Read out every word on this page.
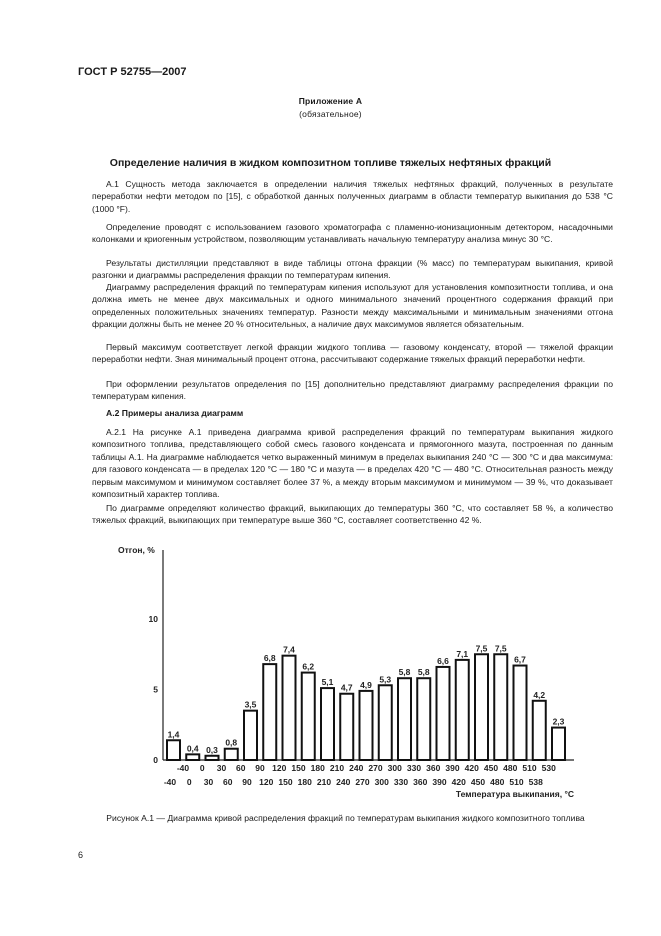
ГОСТ Р 52755—2007
Приложение А
(обязательное)
Определение наличия в жидком композитном топливе тяжелых нефтяных фракций

А.1 Сущность метода заключается в определении наличия тяжелых нефтяных фракций, полученных в результате переработки нефти методом по [15], с обработкой данных полученных диаграмм в области температур выкипания до 538 °С (1000 °F).

Определение проводят с использованием газового хроматографа с пламенно-ионизационным детектором, насадочными колонками и криогенным устройством, позволяющим устанавливать начальную температуру анализа минус 30 °С.

Результаты дистилляции представляют в виде таблицы отгона фракции (% масс) по температурам выкипания, кривой разгонки и диаграммы распределения фракции по температурам кипения.

Диаграмму распределения фракций по температурам кипения используют для установления композитности топлива, и она должна иметь не менее двух максимальных и одного минимального значений процентного содержания фракций при определенных положительных значениях температур. Разности между максимальными и минимальным значениями отгона фракции должны быть не менее 20 % относительных, а наличие двух максимумов является обязательным.

Первый максимум соответствует легкой фракции жидкого топлива — газовому конденсату, второй — тяжелой фракции переработки нефти. Зная минимальный процент отгона, рассчитывают содержание тяжелых фракций переработки нефти.

При оформлении результатов определения по [15] дополнительно представляют диаграмму распределения фракции по температурам кипения.

А.2 Примеры анализа диаграмм

А.2.1 На рисунке А.1 приведена диаграмма кривой распределения фракций по температурам выкипания жидкого композитного топлива, представляющего собой смесь газового конденсата и прямогонного мазута, построенная по данным таблицы А.1. На диаграмме наблюдается четко выраженный минимум в пределах выкипания 240 °С — 300 °С и два максимума: для газового конденсата — в пределах 120 °С — 180 °С и мазута — в пределах 420 °С — 480 °С. Относительная разность между первым максимумом и минимумом составляет более 37 %, а между вторым максимумом и минимумом — 39 %, что доказывает композитный характер топлива.

По диаграмме определяют количество фракций, выкипающих до температуры 360 °С, что составляет 58 %, а количество тяжелых фракций, выкипающих при температуре выше 360 °С, составляет соответственно 42 %.

Отгон, %
0
5
10
1,4
0,4 0,3
0,8
3,5
6,8
7,4
6,2
5,1
4,7 4,9
5,3
5,8 5,8
6,6
7,1
7,5 7,5
6,7
4,2
2,3
-40 0 30 60 90 120 150 180 210 240 270 300 330 360 390 420 450 480 510 530
-40 0 30 60 90 120 150 180 210 240 270 300 330 360 390 420 450 480 510 538
Температура выкипания, °С
Рисунок А.1 — Диаграмма кривой распределения фракций по температурам выкипания жидкого композитного топлива
6
